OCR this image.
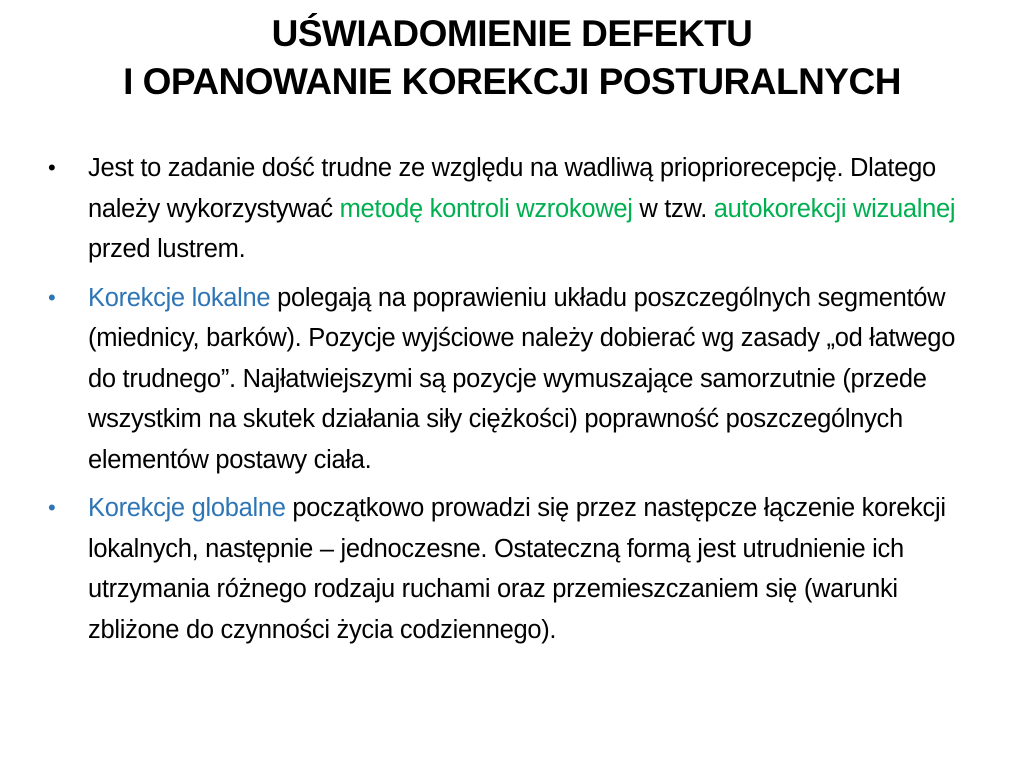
UŚWIADOMIENIE DEFEKTU
I OPANOWANIE KOREKCJI POSTURALNYCH
•	Jest to zadanie dość trudne ze względu na wadliwą priopriorecepcję. Dlatego należy wykorzystywać metodę kontroli wzrokowej w tzw. autokorekcji wizualnej przed lustrem.
•	Korekcje lokalne polegają na poprawieniu układu poszczególnych segmentów (miednicy, barków). Pozycje wyjściowe należy dobierać wg zasady „od łatwego do trudnego”. Najłatwiejszymi są pozycje wymuszające samorzutnie (przede wszystkim na skutek działania siły ciężkości) poprawność poszczególnych elementów postawy ciała.
•	Korekcje globalne początkowo prowadzi się przez następcze łączenie korekcji lokalnych, następnie – jednoczesne. Ostateczną formą jest utrudnienie ich utrzymania różnego rodzaju ruchami oraz przemieszczaniem się (warunki zbliżone do czynności życia codziennego).
